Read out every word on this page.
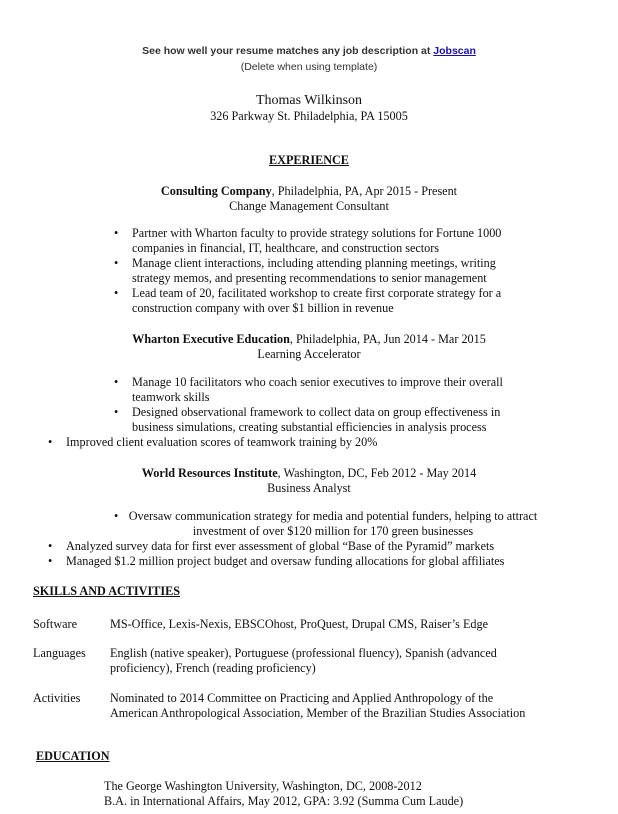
See how well your resume matches any job description at Jobscan
(Delete when using template)
Thomas Wilkinson
326 Parkway St. Philadelphia, PA 15005
EXPERIENCE
Consulting Company, Philadelphia, PA, Apr 2015 - Present
Change Management Consultant
• Partner with Wharton faculty to provide strategy solutions for Fortune 1000 companies in financial, IT, healthcare, and construction sectors
• Manage client interactions, including attending planning meetings, writing strategy memos, and presenting recommendations to senior management
• Lead team of 20, facilitated workshop to create first corporate strategy for a construction company with over $1 billion in revenue
Wharton Executive Education, Philadelphia, PA, Jun 2014 - Mar 2015
Learning Accelerator
• Manage 10 facilitators who coach senior executives to improve their overall teamwork skills
• Designed observational framework to collect data on group effectiveness in business simulations, creating substantial efficiencies in analysis process
• Improved client evaluation scores of teamwork training by 20%
World Resources Institute, Washington, DC, Feb 2012 - May 2014
Business Analyst
• Oversaw communication strategy for media and potential funders, helping to attract investment of over $120 million for 170 green businesses
• Analyzed survey data for first ever assessment of global “Base of the Pyramid” markets
• Managed $1.2 million project budget and oversaw funding allocations for global affiliates
SKILLS AND ACTIVITIES
Software	MS-Office, Lexis-Nexis, EBSCOhost, ProQuest, Drupal CMS, Raiser’s Edge
Languages English (native speaker), Portuguese (professional fluency), Spanish (advanced
proficiency), French (reading proficiency)
Activities Nominated to 2014 Committee on Practicing and Applied Anthropology of the
American Anthropological Association, Member of the Brazilian Studies Association
EDUCATION
The George Washington University, Washington, DC, 2008-2012
B.A. in International Affairs, May 2012, GPA: 3.92 (Summa Cum Laude)
